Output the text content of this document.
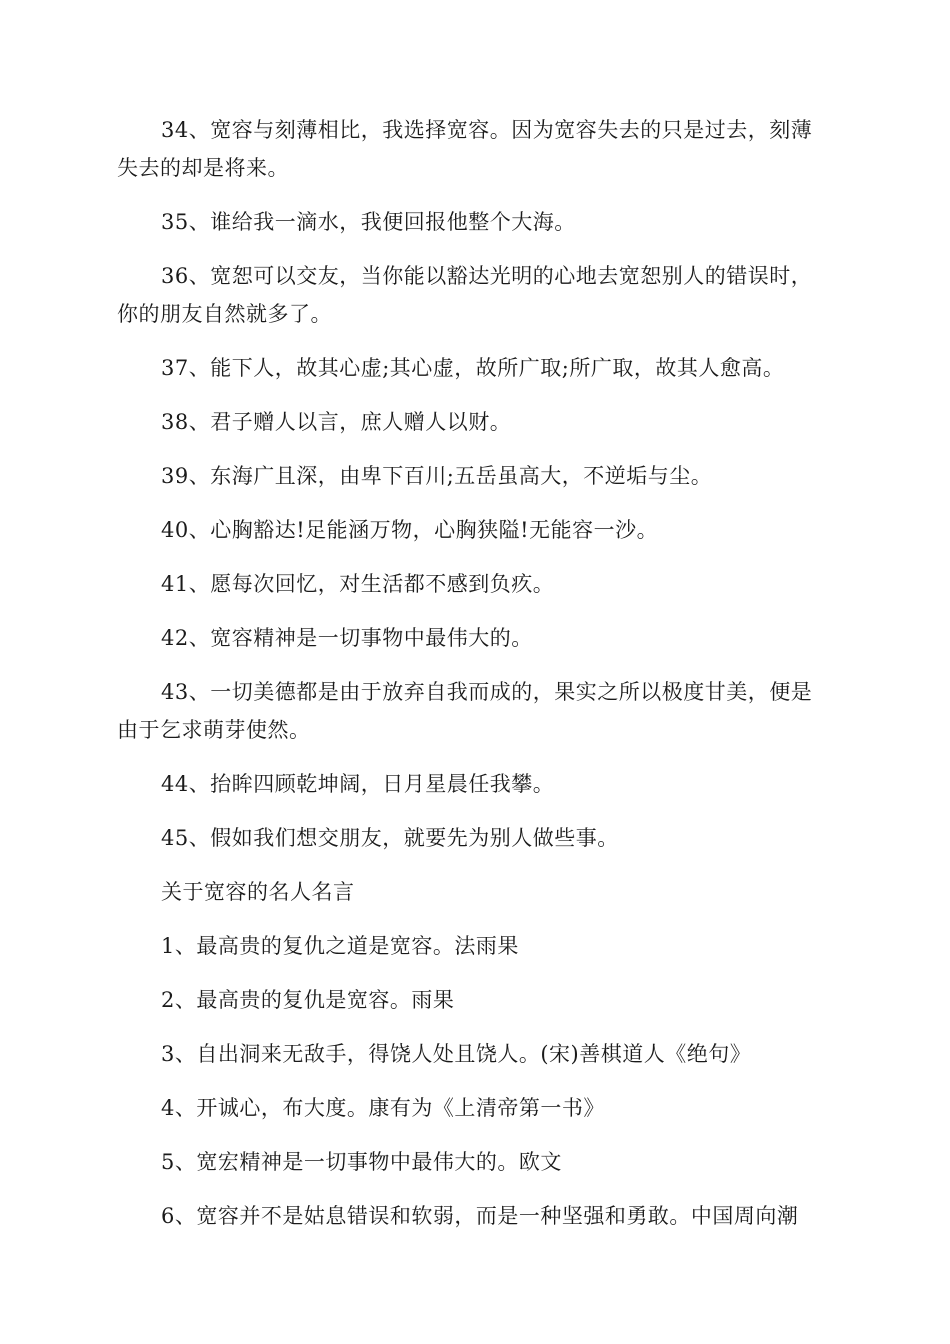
34、宽容与刻薄相比，我选择宽容。因为宽容失去的只是过去，刻薄失去的却是将来。

35、谁给我一滴水，我便回报他整个大海。

36、宽恕可以交友，当你能以豁达光明的心地去宽恕别人的错误时，你的朋友自然就多了。

37、能下人，故其心虚;其心虚，故所广取;所广取，故其人愈高。

38、君子赠人以言，庶人赠人以财。

39、东海广且深，由卑下百川;五岳虽高大，不逆垢与尘。

40、心胸豁达!足能涵万物，心胸狭隘!无能容一沙。

41、愿每次回忆，对生活都不感到负疚。

42、宽容精神是一切事物中最伟大的。

43、一切美德都是由于放弃自我而成的，果实之所以极度甘美，便是由于乞求萌芽使然。

44、抬眸四顾乾坤阔，日月星晨任我攀。

45、假如我们想交朋友，就要先为别人做些事。

关于宽容的名人名言

1、最高贵的复仇之道是宽容。法雨果

2、最高贵的复仇是宽容。雨果

3、自出洞来无敌手，得饶人处且饶人。(宋)善棋道人《绝句》

4、开诚心，布大度。康有为《上清帝第一书》

5、宽宏精神是一切事物中最伟大的。欧文

6、宽容并不是姑息错误和软弱，而是一种坚强和勇敢。中国周向潮
